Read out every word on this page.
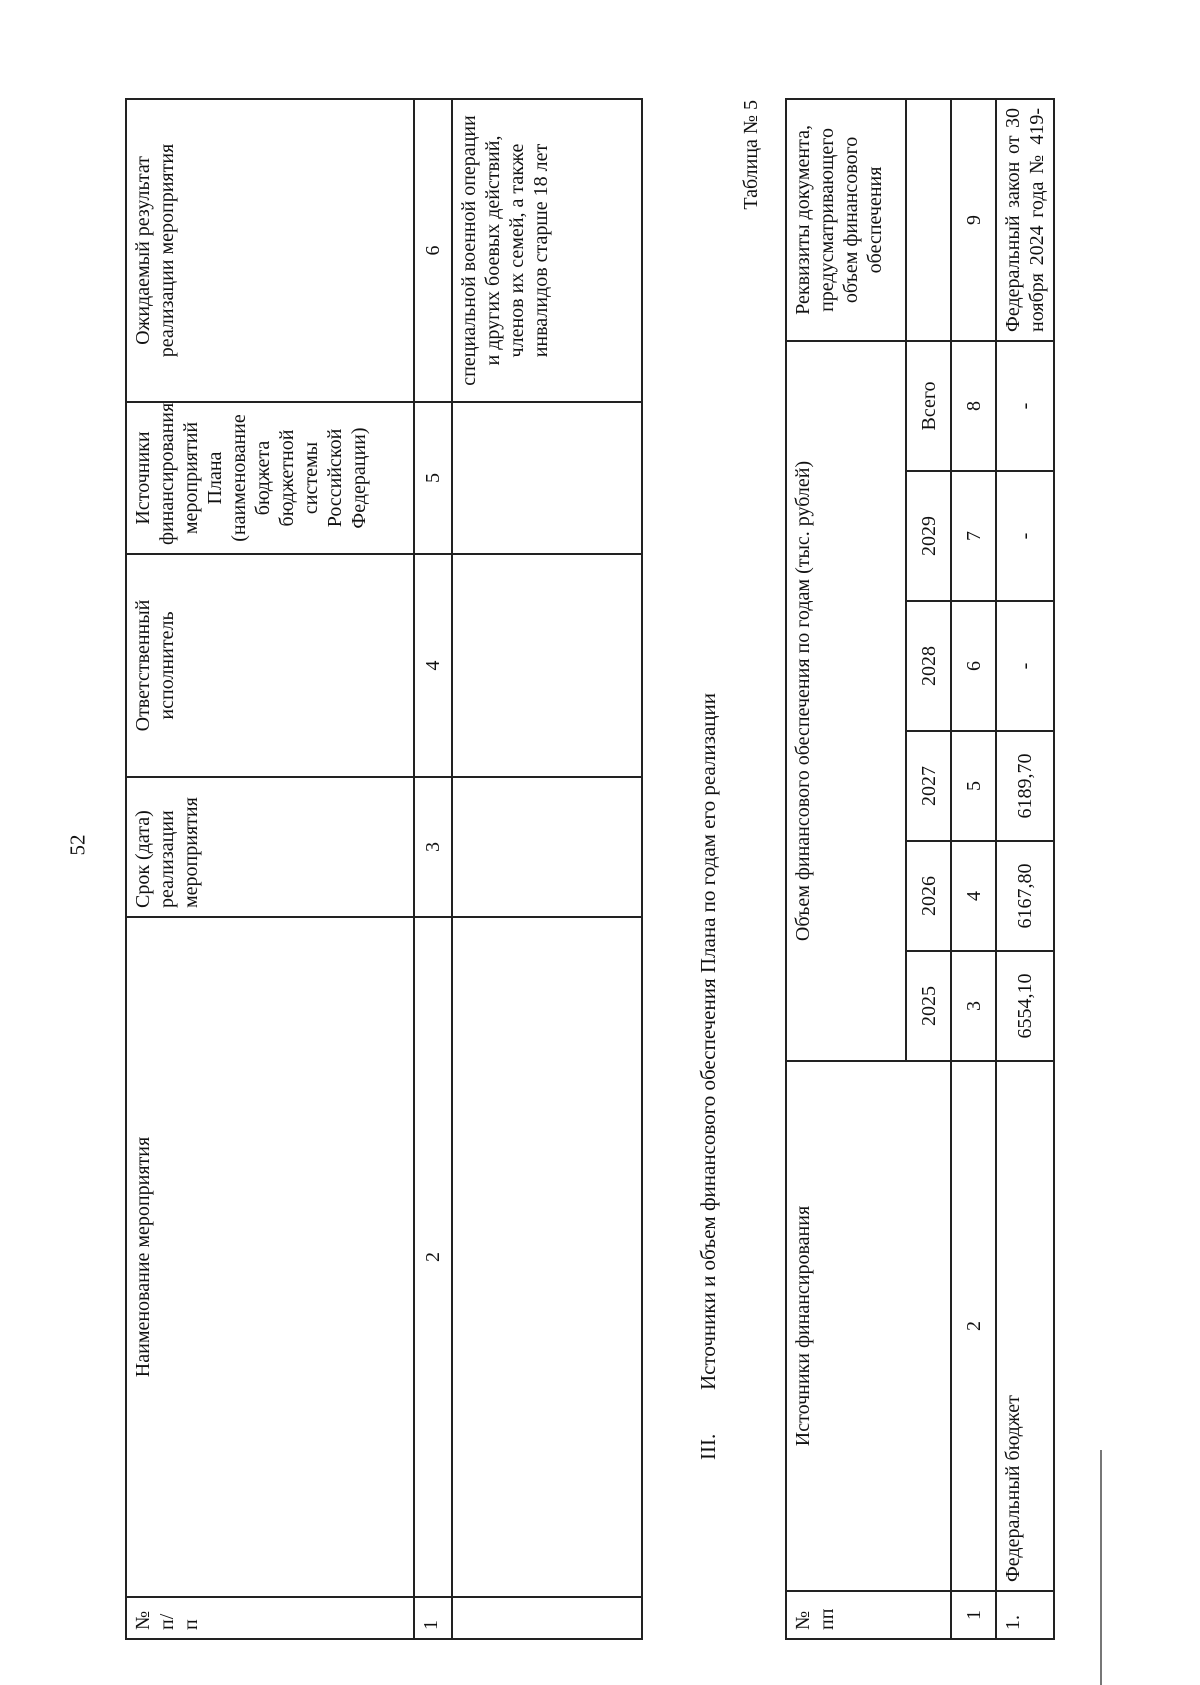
52
№ п/п	Наименование мероприятия	Срок (дата) реализации мероприятия	Ответственный исполнитель	Источники финансирования мероприятий Плана (наименование бюджета бюджетной системы Российской Федерации)	Ожидаемый результат реализации мероприятия
1	2	3	4	5	6
					специальной военной операции и других боевых действий, членов их семей, а также инвалидов старше 18 лет
III.Источники и объем финансового обеспечения Плана по годам его реализации
Таблица № 5
№ пп	Источники финансирования	Объем финансового обеспечения по годам (тыс. рублей)						Реквизиты документа, предусматривающего объем финансового обеспечения
		2025	2026	2027	2028	2029	Всего	
1	2	3	4	5	6	7	8	9
1.	Федеральный бюджет	6554,10	6167,80	6189,70	-	-	-	Федеральный закон от 30 ноября 2024 года № 419-
